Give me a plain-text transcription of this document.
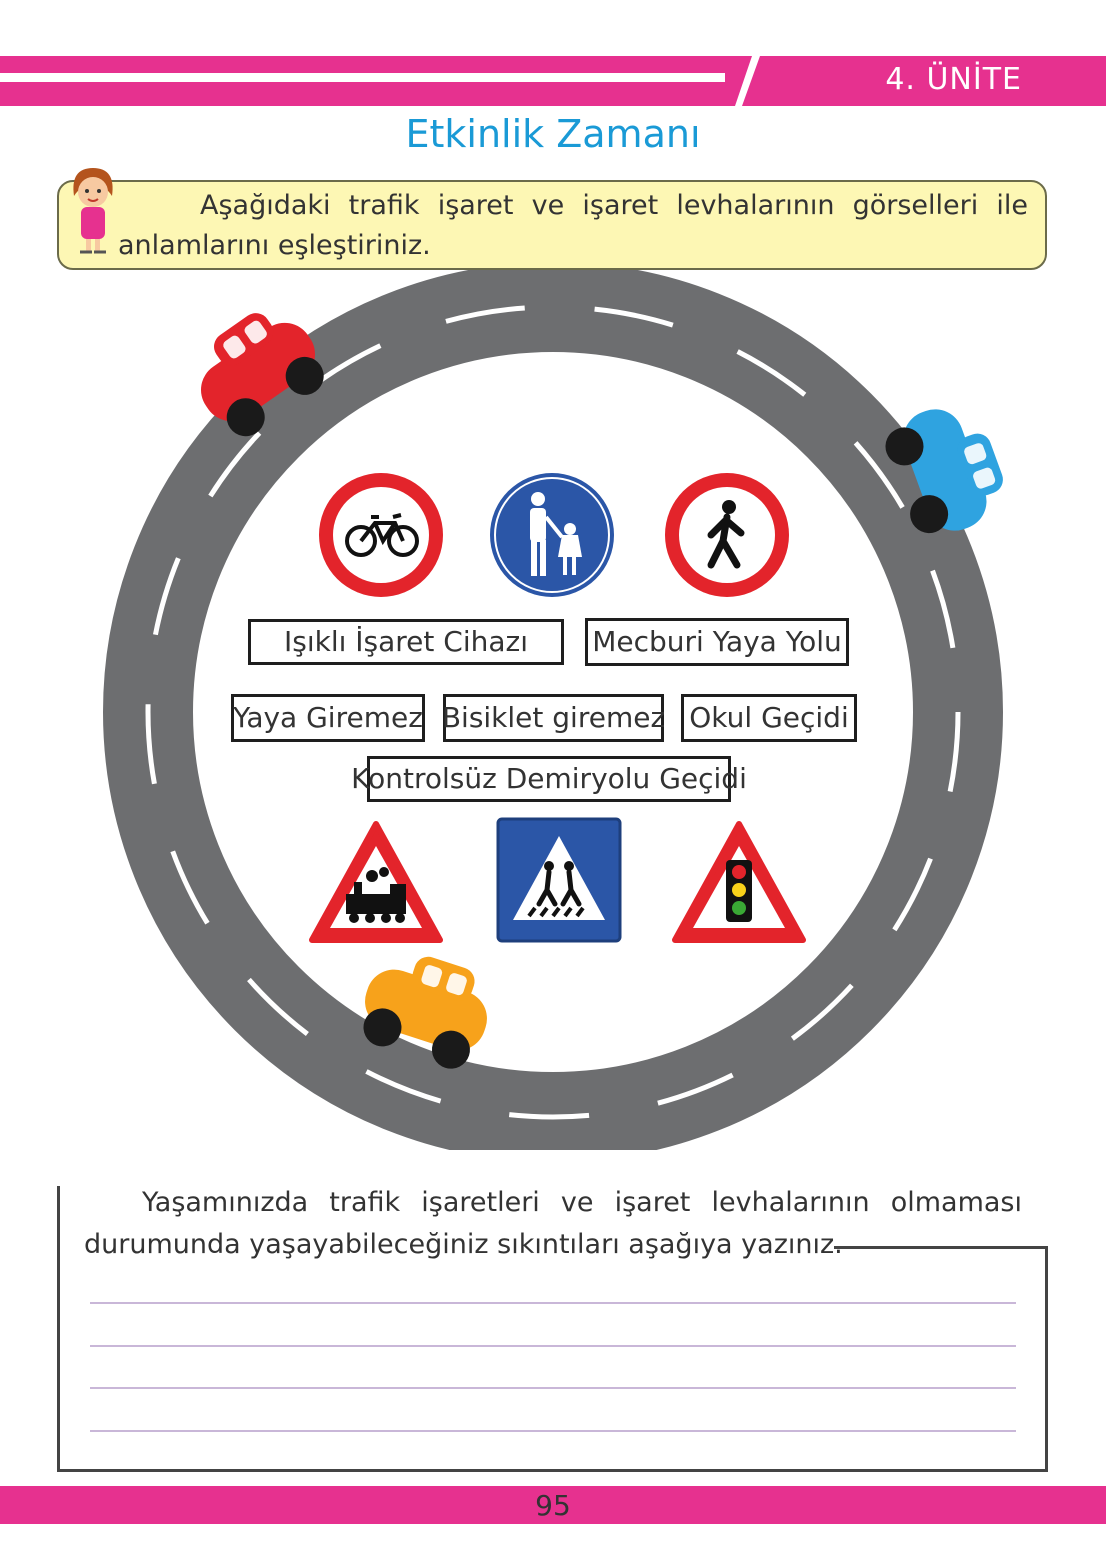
4. ÜNİTE
Etkinlik Zamanı
Aşağıdaki trafik işaret ve işaret levhalarının görselleri ile anlamlarını eşleştiriniz.
Işıklı İşaret Cihazı	Mecburi Yaya Yolu
Yaya Giremez Bisiklet giremez Okul Geçidi
Kontrolsüz Demiryolu Geçidi
Yaşamınızda trafik işaretleri ve işaret levhalarının olmaması durumunda yaşayabileceğiniz sıkıntıları aşağıya yazınız.
95
